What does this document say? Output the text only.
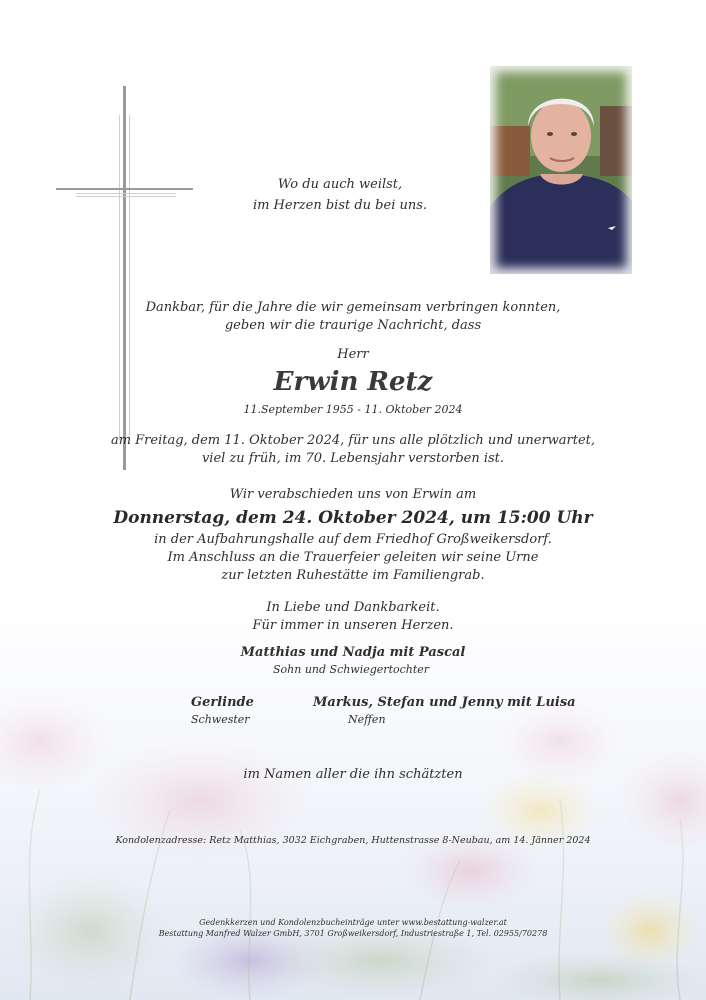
Wo du auch weilst,
im Herzen bist du bei uns.
Dankbar, für die Jahre die wir gemeinsam verbringen konnten,
geben wir die traurige Nachricht, dass
Herr
Erwin Retz
11.September 1955 - 11. Oktober 2024
am Freitag, dem 11. Oktober 2024, für uns alle plötzlich und unerwartet,
viel zu früh, im 70. Lebensjahr verstorben ist.
Wir verabschieden uns von Erwin am
Donnerstag, dem 24. Oktober 2024, um 15:00 Uhr
in der Aufbahrungshalle auf dem Friedhof Großweikersdorf.
Im Anschluss an die Trauerfeier geleiten wir seine Urne
zur letzten Ruhestätte im Familiengrab.
In Liebe und Dankbarkeit.
Für immer in unseren Herzen.
Matthias und Nadja mit Pascal
Sohn und Schwiegertochter
Gerlinde
Schwester
Markus, Stefan und Jenny mit Luisa
Neffen
im Namen aller die ihn schätzten
Kondolenzadresse: Retz Matthias, 3032 Eichgraben, Huttenstrasse 8-Neubau, am 14. Jänner 2024
Gedenkkerzen und Kondolenzbucheinträge unter www.bestattung-walzer.at
Bestattung Manfred Walzer GmbH, 3701 Großweikersdorf, Industriestraße 1, Tel. 02955/70278
